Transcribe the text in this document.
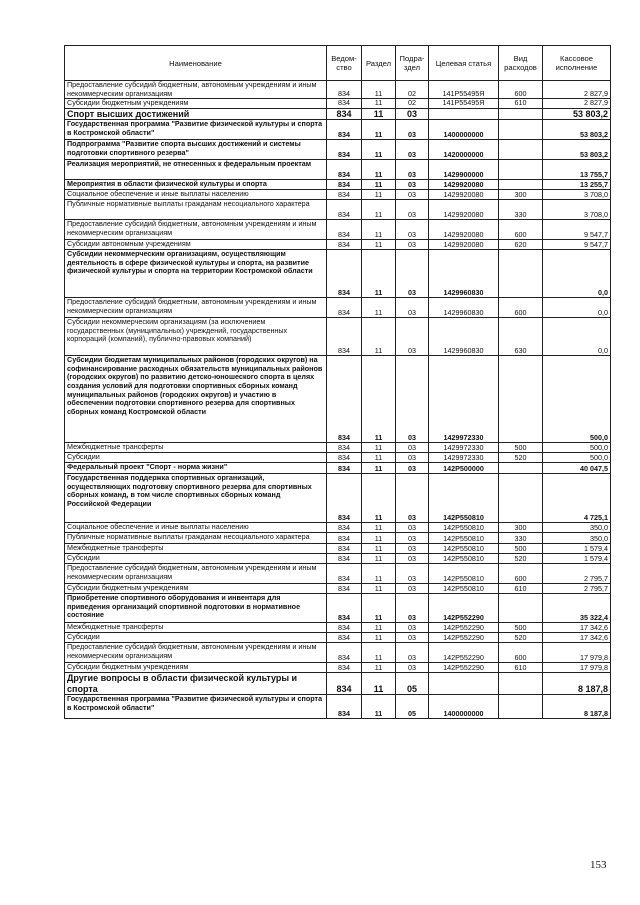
Наименование	Ведом-ство	Раздел	Подра-здел	Целевая статья	Вид расходов	Кассовое исполнение
Предоставление субсидий бюджетным, автономным учреждениям и иным некоммерческим организациям	834	11	02	141Р55495Я	600	2 827,9
Субсидии бюджетным учреждениям	834	11	02	141Р55495Я	610	2 827,9
Спорт высших достижений	834	11	03			53 803,2
Государственная программа "Развитие физической культуры и спорта в Костромской области"	834	11	03	1400000000		53 803,2
Подпрограмма "Развитие спорта высших достижений и системы подготовки спортивного резерва"	834	11	03	1420000000		53 803,2
Реализация мероприятий, не отнесенных к федеральным проектам	834	11	03	1429900000		13 755,7
Мероприятия в области физической культуры и спорта	834	11	03	1429920080		13 255,7
Социальное обеспечение и иные выплаты населению	834	11	03	1429920080	300	3 708,0
Публичные нормативные выплаты гражданам несоциального характера	834	11	03	1429920080	330	3 708,0
Предоставление субсидий бюджетным, автономным учреждениям и иным некоммерческим организациям	834	11	03	1429920080	600	9 547,7
Субсидии автономным учреждениям	834	11	03	1429920080	620	9 547,7
Субсидии некоммерческим организациям, осуществляющим деятельность в сфере физической культуры и спорта, на развитие физической культуры и спорта на территории Костромской области	834	11	03	1429960830		0,0
Предоставление субсидий бюджетным, автономным учреждениям и иным некоммерческим организациям	834	11	03	1429960830	600	0,0
Субсидии некоммерческим организациям (за исключением государственных (муниципальных) учреждений, государственных корпораций (компаний), публично-правовых компаний)	834	11	03	1429960830	630	0,0
Субсидии бюджетам муниципальных районов (городских округов) на софинансирование расходных обязательств муниципальных районов (городских округов) по развитию детско-юношеского спорта в целях создания условий для подготовки спортивных сборных команд муниципальных районов (городских округов) и участию в обеспечении подготовки спортивного резерва для спортивных сборных команд Костромской области	834	11	03	1429972330		500,0
Межбюджетные трансферты	834	11	03	1429972330	500	500,0
Субсидии	834	11	03	1429972330	520	500,0
Федеральный проект "Спорт - норма жизни"	834	11	03	142Р500000		40 047,5
Государственная поддержка спортивных организаций, осуществляющих подготовку спортивного резерва для спортивных сборных команд, в том числе спортивных сборных команд Российской Федерации	834	11	03	142Р550810		4 725,1
Социальное обеспечение и иные выплаты населению	834	11	03	142Р550810	300	350,0
Публичные нормативные выплаты гражданам несоциального характера	834	11	03	142Р550810	330	350,0
Межбюджетные трансферты	834	11	03	142Р550810	500	1 579,4
Субсидии	834	11	03	142Р550810	520	1 579,4
Предоставление субсидий бюджетным, автономным учреждениям и иным некоммерческим организациям	834	11	03	142Р550810	600	2 795,7
Субсидии бюджетным учреждениям	834	11	03	142Р550810	610	2 795,7
Приобретение спортивного оборудования и инвентаря для приведения организаций спортивной подготовки в нормативное состояние	834	11	03	142Р552290		35 322,4
Межбюджетные трансферты	834	11	03	142Р552290	500	17 342,6
Субсидии	834	11	03	142Р552290	520	17 342,6
Предоставление субсидий бюджетным, автономным учреждениям и иным некоммерческим организациям	834	11	03	142Р552290	600	17 979,8
Субсидии бюджетным учреждениям	834	11	03	142Р552290	610	17 979,8
Другие вопросы в области физической культуры и спорта	834	11	05			8 187,8
Государственная программа "Развитие физической культуры и спорта в Костромской области"	834	11	05	1400000000		8 187,8
153
